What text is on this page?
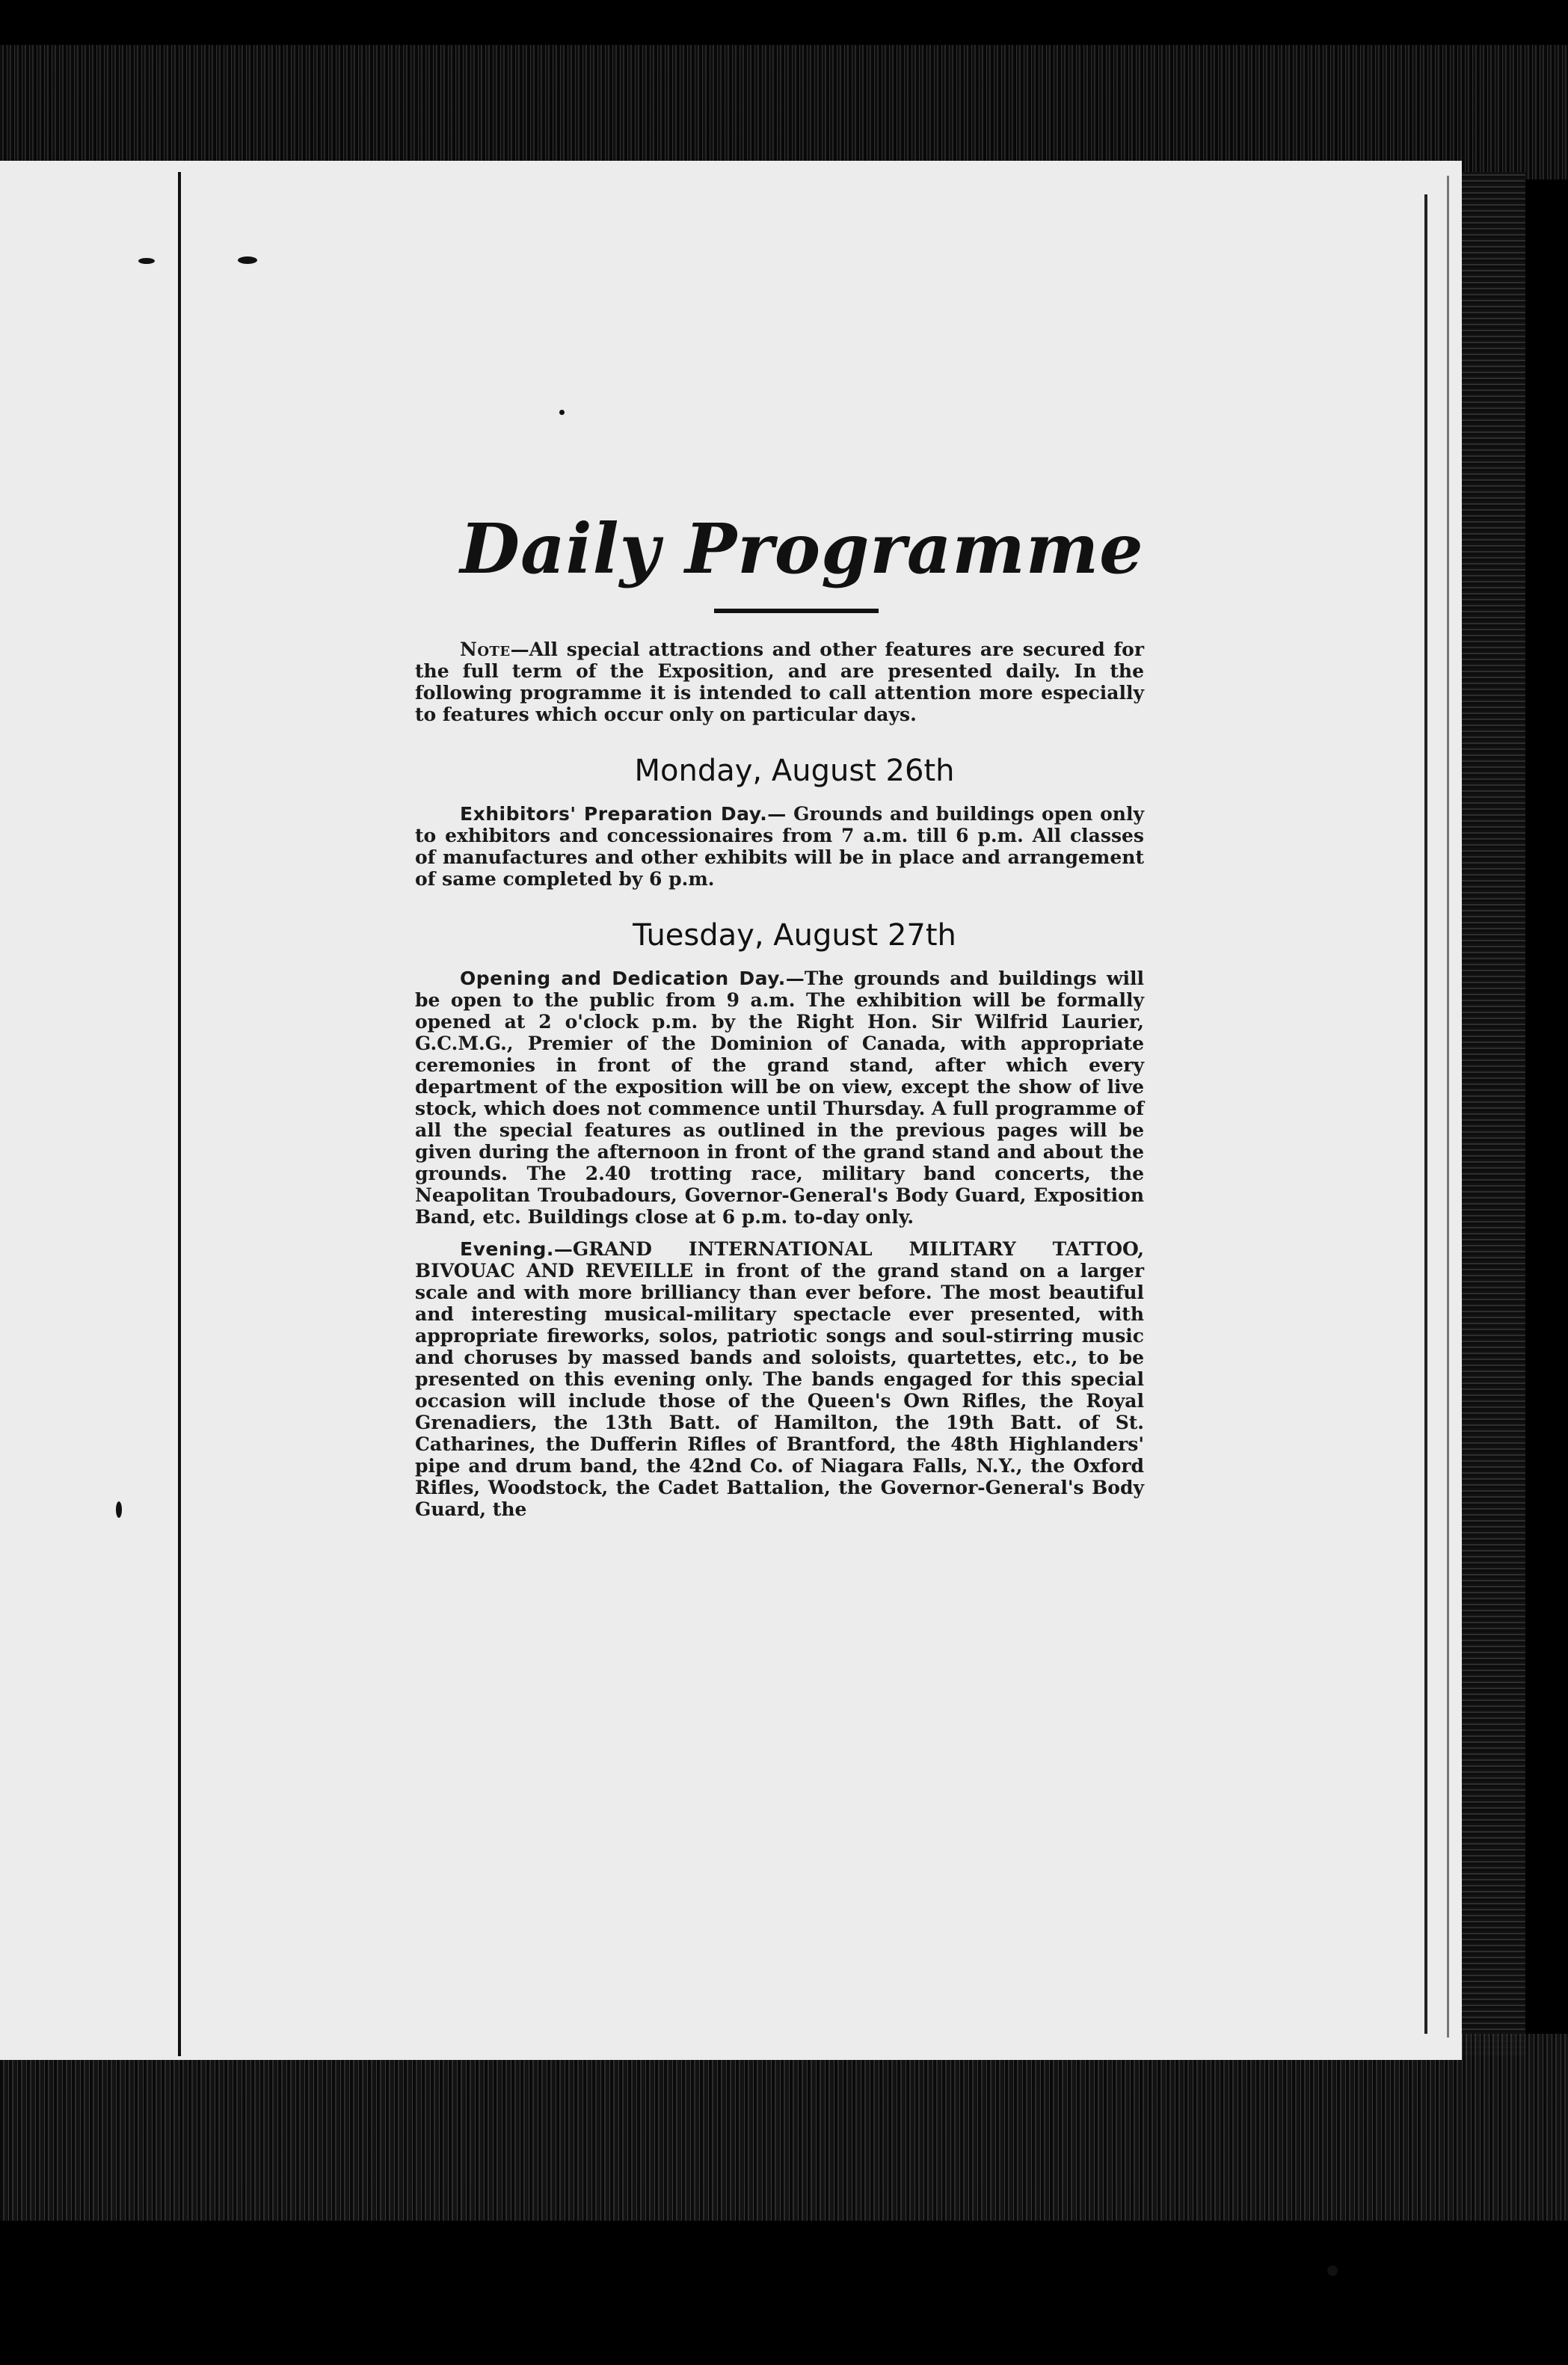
Daily Programme

Note—All special attractions and other features are secured for the full term of the Exposition, and are presented daily. In the following programme it is intended to call attention more especially to features which occur only on particular days.

Monday, August 26th

Exhibitors' Preparation Day.— Grounds and buildings open only to exhibitors and concessionaires from 7 a.m. till 6 p.m. All classes of manufactures and other exhibits will be in place and arrangement of same completed by 6 p.m.

Tuesday, August 27th

Opening and Dedication Day.—The grounds and buildings will be open to the public from 9 a.m. The exhibition will be formally opened at 2 o'clock p.m. by the Right Hon. Sir Wilfrid Laurier, G.C.M.G., Premier of the Dominion of Canada, with appropriate ceremonies in front of the grand stand, after which every department of the exposition will be on view, except the show of live stock, which does not commence until Thursday. A full programme of all the special features as outlined in the previous pages will be given during the afternoon in front of the grand stand and about the grounds. The 2.40 trotting race, military band concerts, the Neapolitan Troubadours, Governor-General's Body Guard, Exposition Band, etc. Buildings close at 6 p.m. to-day only.

Evening.—GRAND INTERNATIONAL MILITARY TATTOO, BIVOUAC AND REVEILLE in front of the grand stand on a larger scale and with more brilliancy than ever before. The most beautiful and interesting musical-military spectacle ever presented, with appropriate fireworks, solos, patriotic songs and soul-stirring music and choruses by massed bands and soloists, quartettes, etc., to be presented on this evening only. The bands engaged for this special occasion will include those of the Queen's Own Rifles, the Royal Grenadiers, the 13th Batt. of Hamilton, the 19th Batt. of St. Catharines, the Dufferin Rifles of Brantford, the 48th Highlanders' pipe and drum band, the 42nd Co. of Niagara Falls, N.Y., the Oxford Rifles, Woodstock, the Cadet Battalion, the Governor-General's Body Guard, the
